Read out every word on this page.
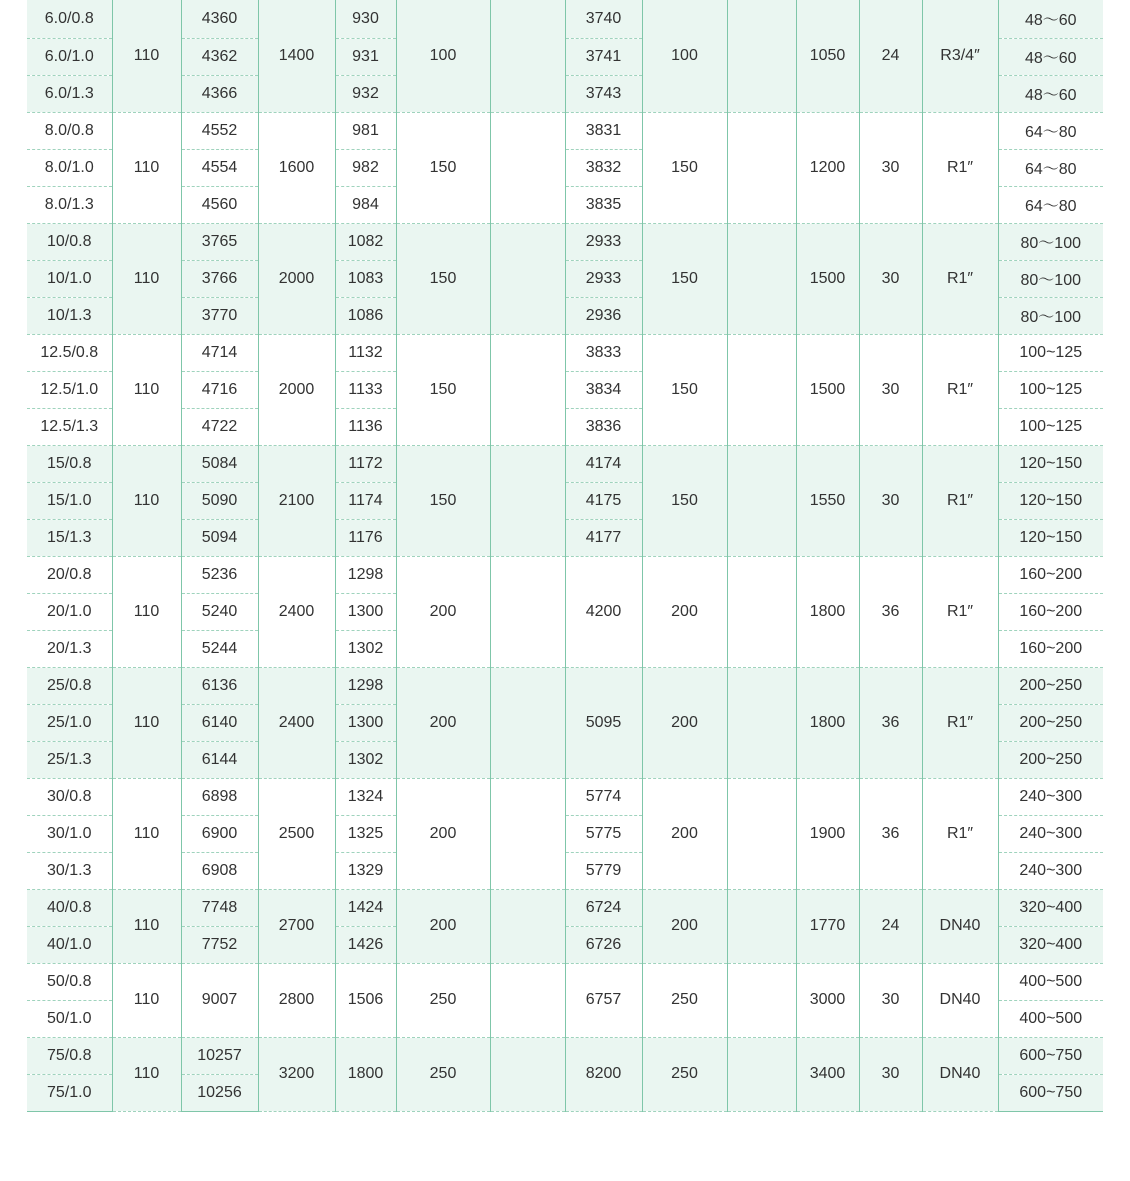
6.0/0.8	110	4360	1400	930	100		3740	100		1050	24	R3/4″	48～60
6.0/1.0		4362		931			3741						48～60
6.0/1.3		4366		932			3743						48～60
8.0/0.8	110	4552	1600	981	150		3831	150		1200	30	R1″	64～80
8.0/1.0		4554		982			3832						64～80
8.0/1.3		4560		984			3835						64～80
10/0.8	110	3765	2000	1082	150		2933	150		1500	30	R1″	80～100
10/1.0		3766		1083			2933						80～100
10/1.3		3770		1086			2936						80～100
12.5/0.8	110	4714	2000	1132	150		3833	150		1500	30	R1″	100~125
12.5/1.0		4716		1133			3834						100~125
12.5/1.3		4722		1136			3836						100~125
15/0.8	110	5084	2100	1172	150		4174	150		1550	30	R1″	120~150
15/1.0		5090		1174			4175						120~150
15/1.3		5094		1176			4177						120~150
20/0.8	110	5236	2400	1298	200		4200	200		1800	36	R1″	160~200
20/1.0		5240		1300									160~200
20/1.3		5244		1302									160~200
25/0.8	110	6136	2400	1298	200		5095	200		1800	36	R1″	200~250
25/1.0		6140		1300									200~250
25/1.3		6144		1302									200~250
30/0.8	110	6898	2500	1324	200		5774	200		1900	36	R1″	240~300
30/1.0		6900		1325			5775						240~300
30/1.3		6908		1329			5779						240~300
40/0.8	110	7748	2700	1424	200		6724	200		1770	24	DN40	320~400
40/1.0		7752		1426			6726						320~400
50/0.8	110	9007	2800	1506	250		6757	250		3000	30	DN40	400~500
50/1.0													400~500
75/0.8	110	10257	3200	1800	250		8200	250		3400	30	DN40	600~750
75/1.0		10256											600~750
